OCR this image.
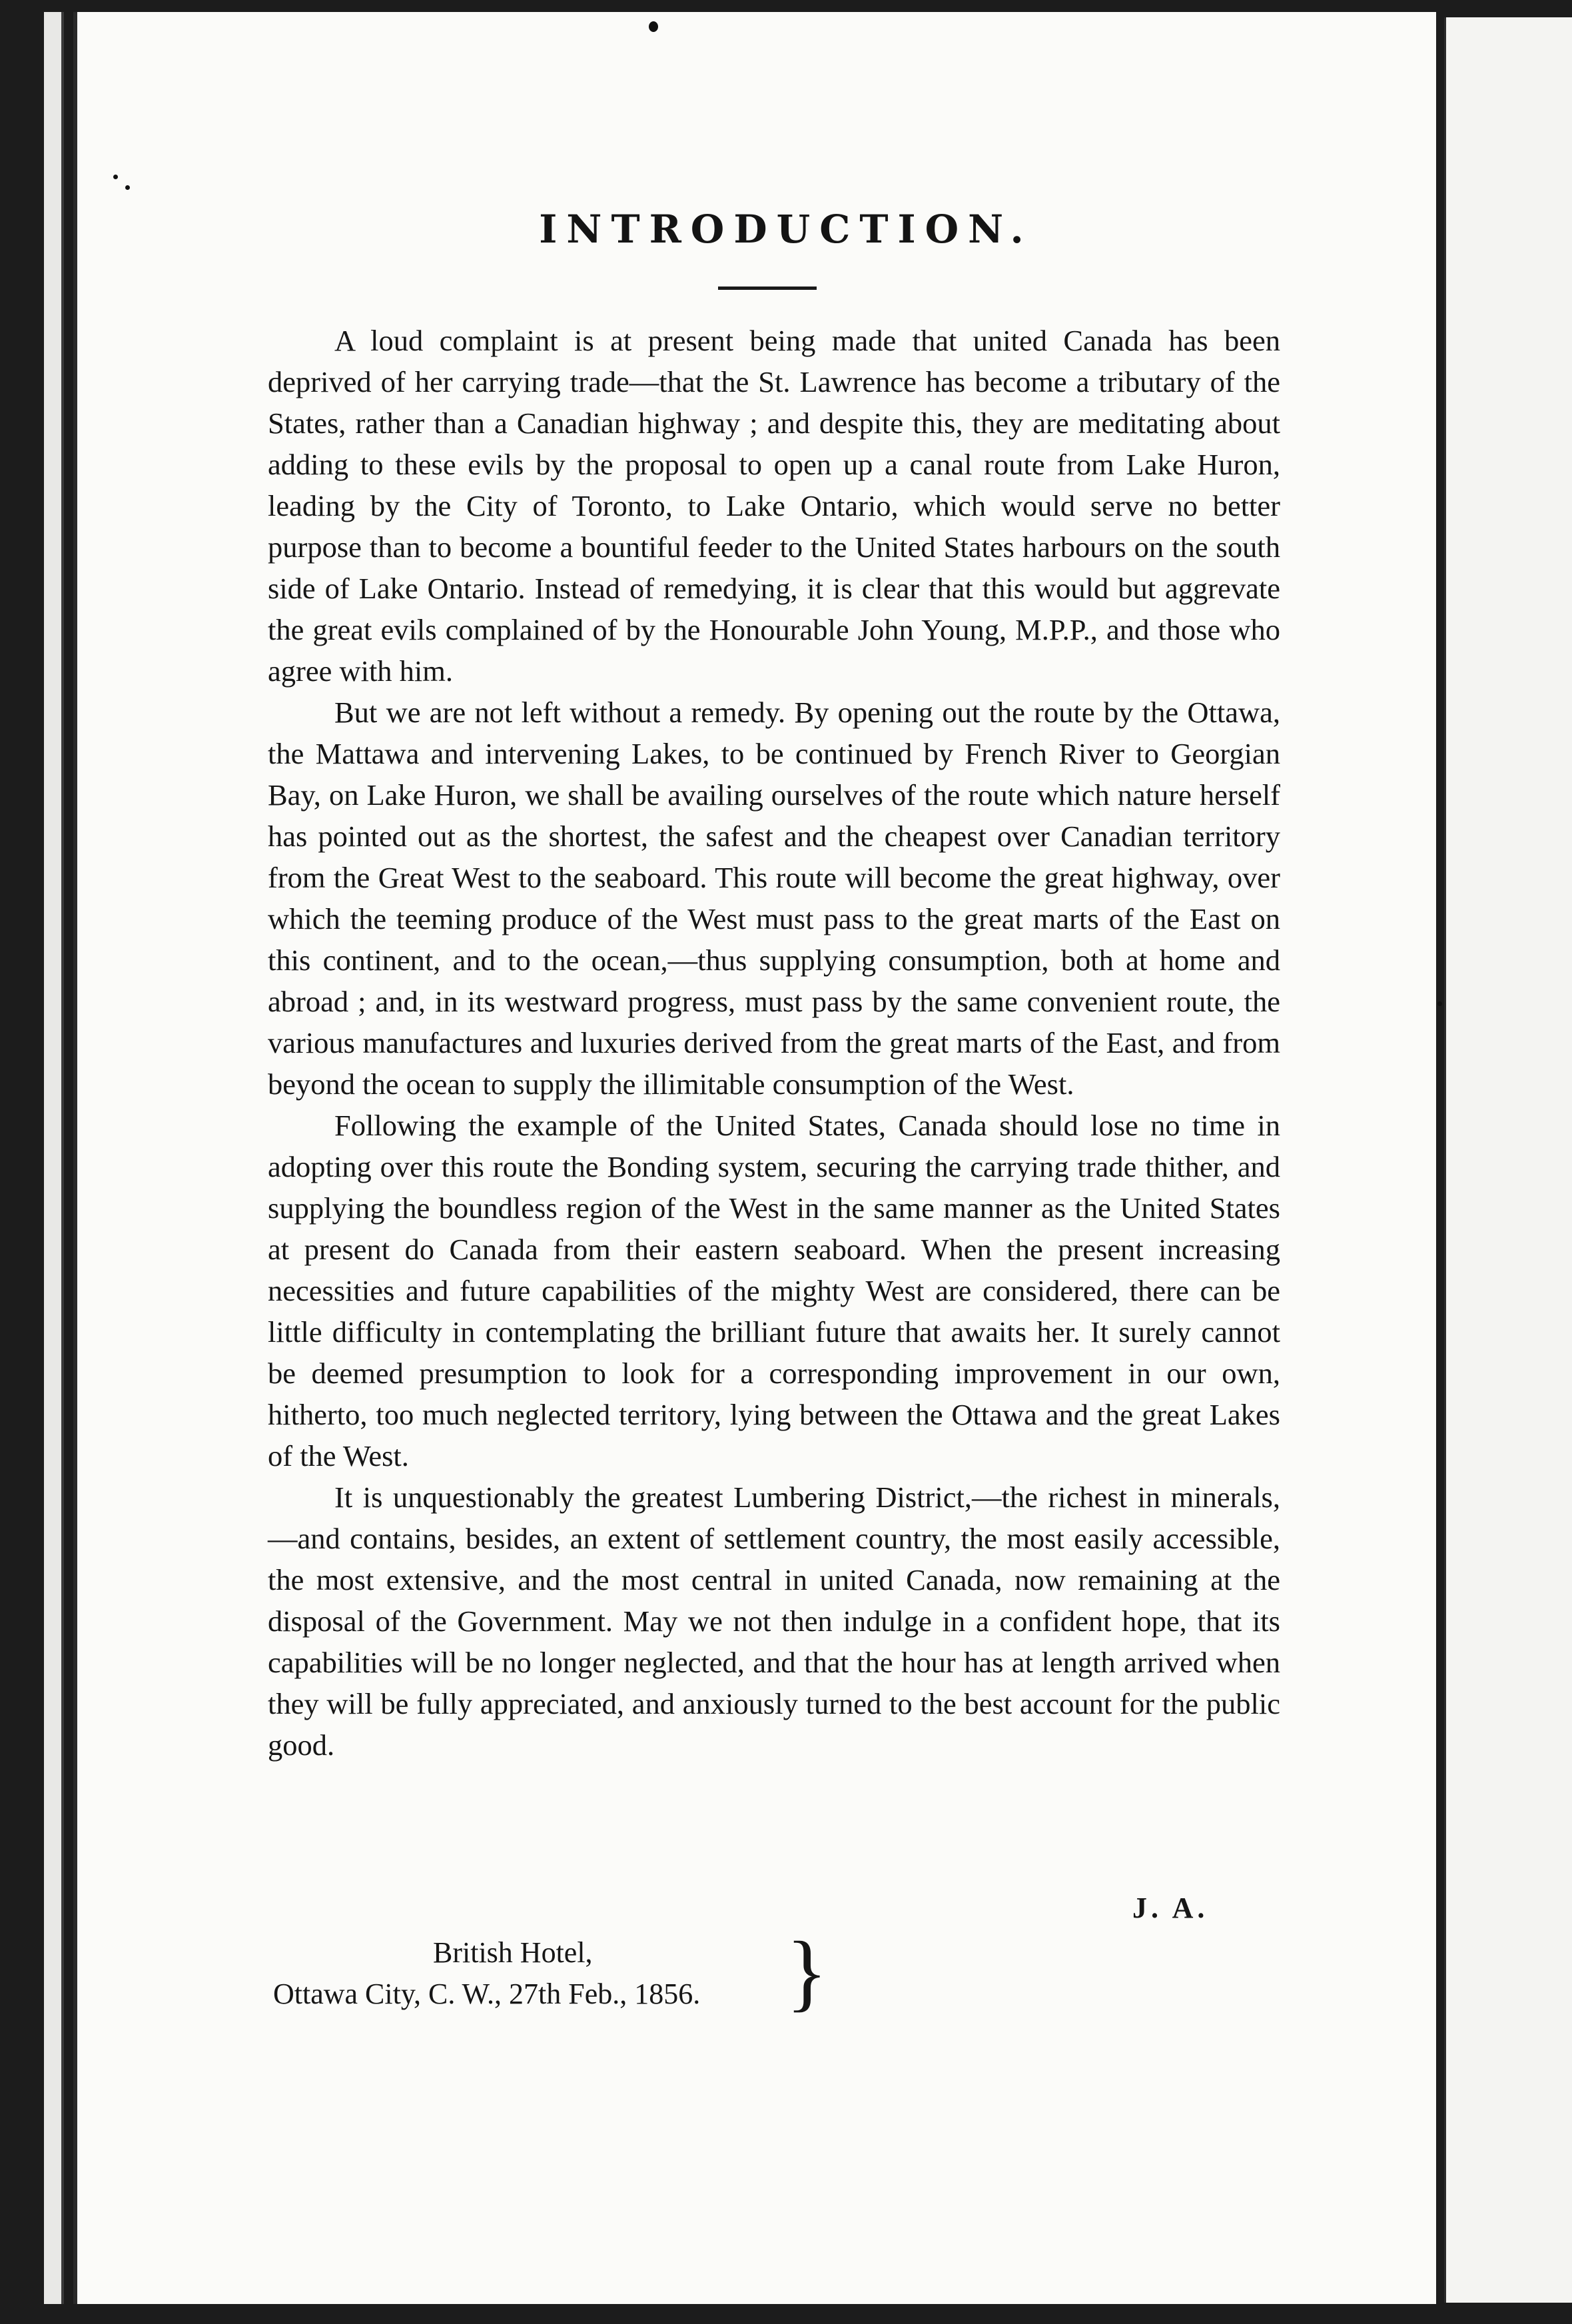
INTRODUCTION.

A loud complaint is at present being made that united Canada has been deprived of her carrying trade—that the St. Lawrence has become a tributary of the States, rather than a Canadian highway ; and despite this, they are meditating about adding to these evils by the proposal to open up a canal route from Lake Huron, leading by the City of Toronto, to Lake Ontario, which would serve no better purpose than to become a bountiful feeder to the United States harbours on the south side of Lake Ontario. Instead of remedying, it is clear that this would but aggrevate the great evils complained of by the Honourable John Young, M.P.P., and those who agree with him.

But we are not left without a remedy. By opening out the route by the Ottawa, the Mattawa and intervening Lakes, to be continued by French River to Georgian Bay, on Lake Huron, we shall be availing ourselves of the route which nature herself has pointed out as the shortest, the safest and the cheapest over Canadian territory from the Great West to the seaboard. This route will become the great highway, over which the teeming produce of the West must pass to the great marts of the East on this continent, and to the ocean,—thus supplying consumption, both at home and abroad ; and, in its westward progress, must pass by the same convenient route, the various manufactures and luxuries derived from the great marts of the East, and from beyond the ocean to supply the illimitable consumption of the West.

Following the example of the United States, Canada should lose no time in adopting over this route the Bonding system, securing the carrying trade thither, and supplying the boundless region of the West in the same manner as the United States at present do Canada from their eastern seaboard. When the present increasing necessities and future capabilities of the mighty West are considered, there can be little difficulty in contemplating the brilliant future that awaits her. It surely cannot be deemed presumption to look for a corresponding improvement in our own, hitherto, too much neglected territory, lying between the Ottawa and the great Lakes of the West.

It is unquestionably the greatest Lumbering District,—the richest in minerals,—and contains, besides, an extent of settlement country, the most easily accessible, the most extensive, and the most central in united Canada, now remaining at the disposal of the Government. May we not then indulge in a confident hope, that its capabilities will be no longer neglected, and that the hour has at length arrived when they will be fully appreciated, and anxiously turned to the best account for the public good.

J. A.
British Hotel,
Ottawa City, C. W., 27th Feb., 1856. }
